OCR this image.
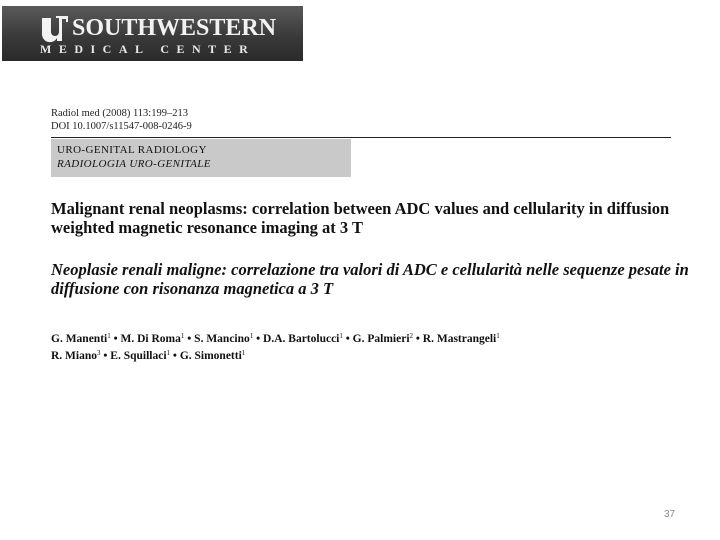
SOUTHWESTERN
MEDICAL CENTER
Radiol med (2008) 113:199–213
DOI 10.1007/s11547-008-0246-9
URO-GENITAL RADIOLOGY
RADIOLOGIA URO-GENITALE
Malignant renal neoplasms: correlation between ADC values and cellularity in diffusion weighted magnetic resonance imaging at 3 T
Neoplasie renali maligne: correlazione tra valori di ADC e cellularità nelle sequenze pesate in diffusione con risonanza magnetica a 3 T
G. Manenti$^1$ • M. Di Roma$^1$ • S. Mancino$^1$ • D.A. Bartolucci$^1$ • G. Palmieri$^2$ • R. Mastrangeli$^1$
R. Miano$^3$ • E. Squillaci$^1$ • G. Simonetti$^1$
37
